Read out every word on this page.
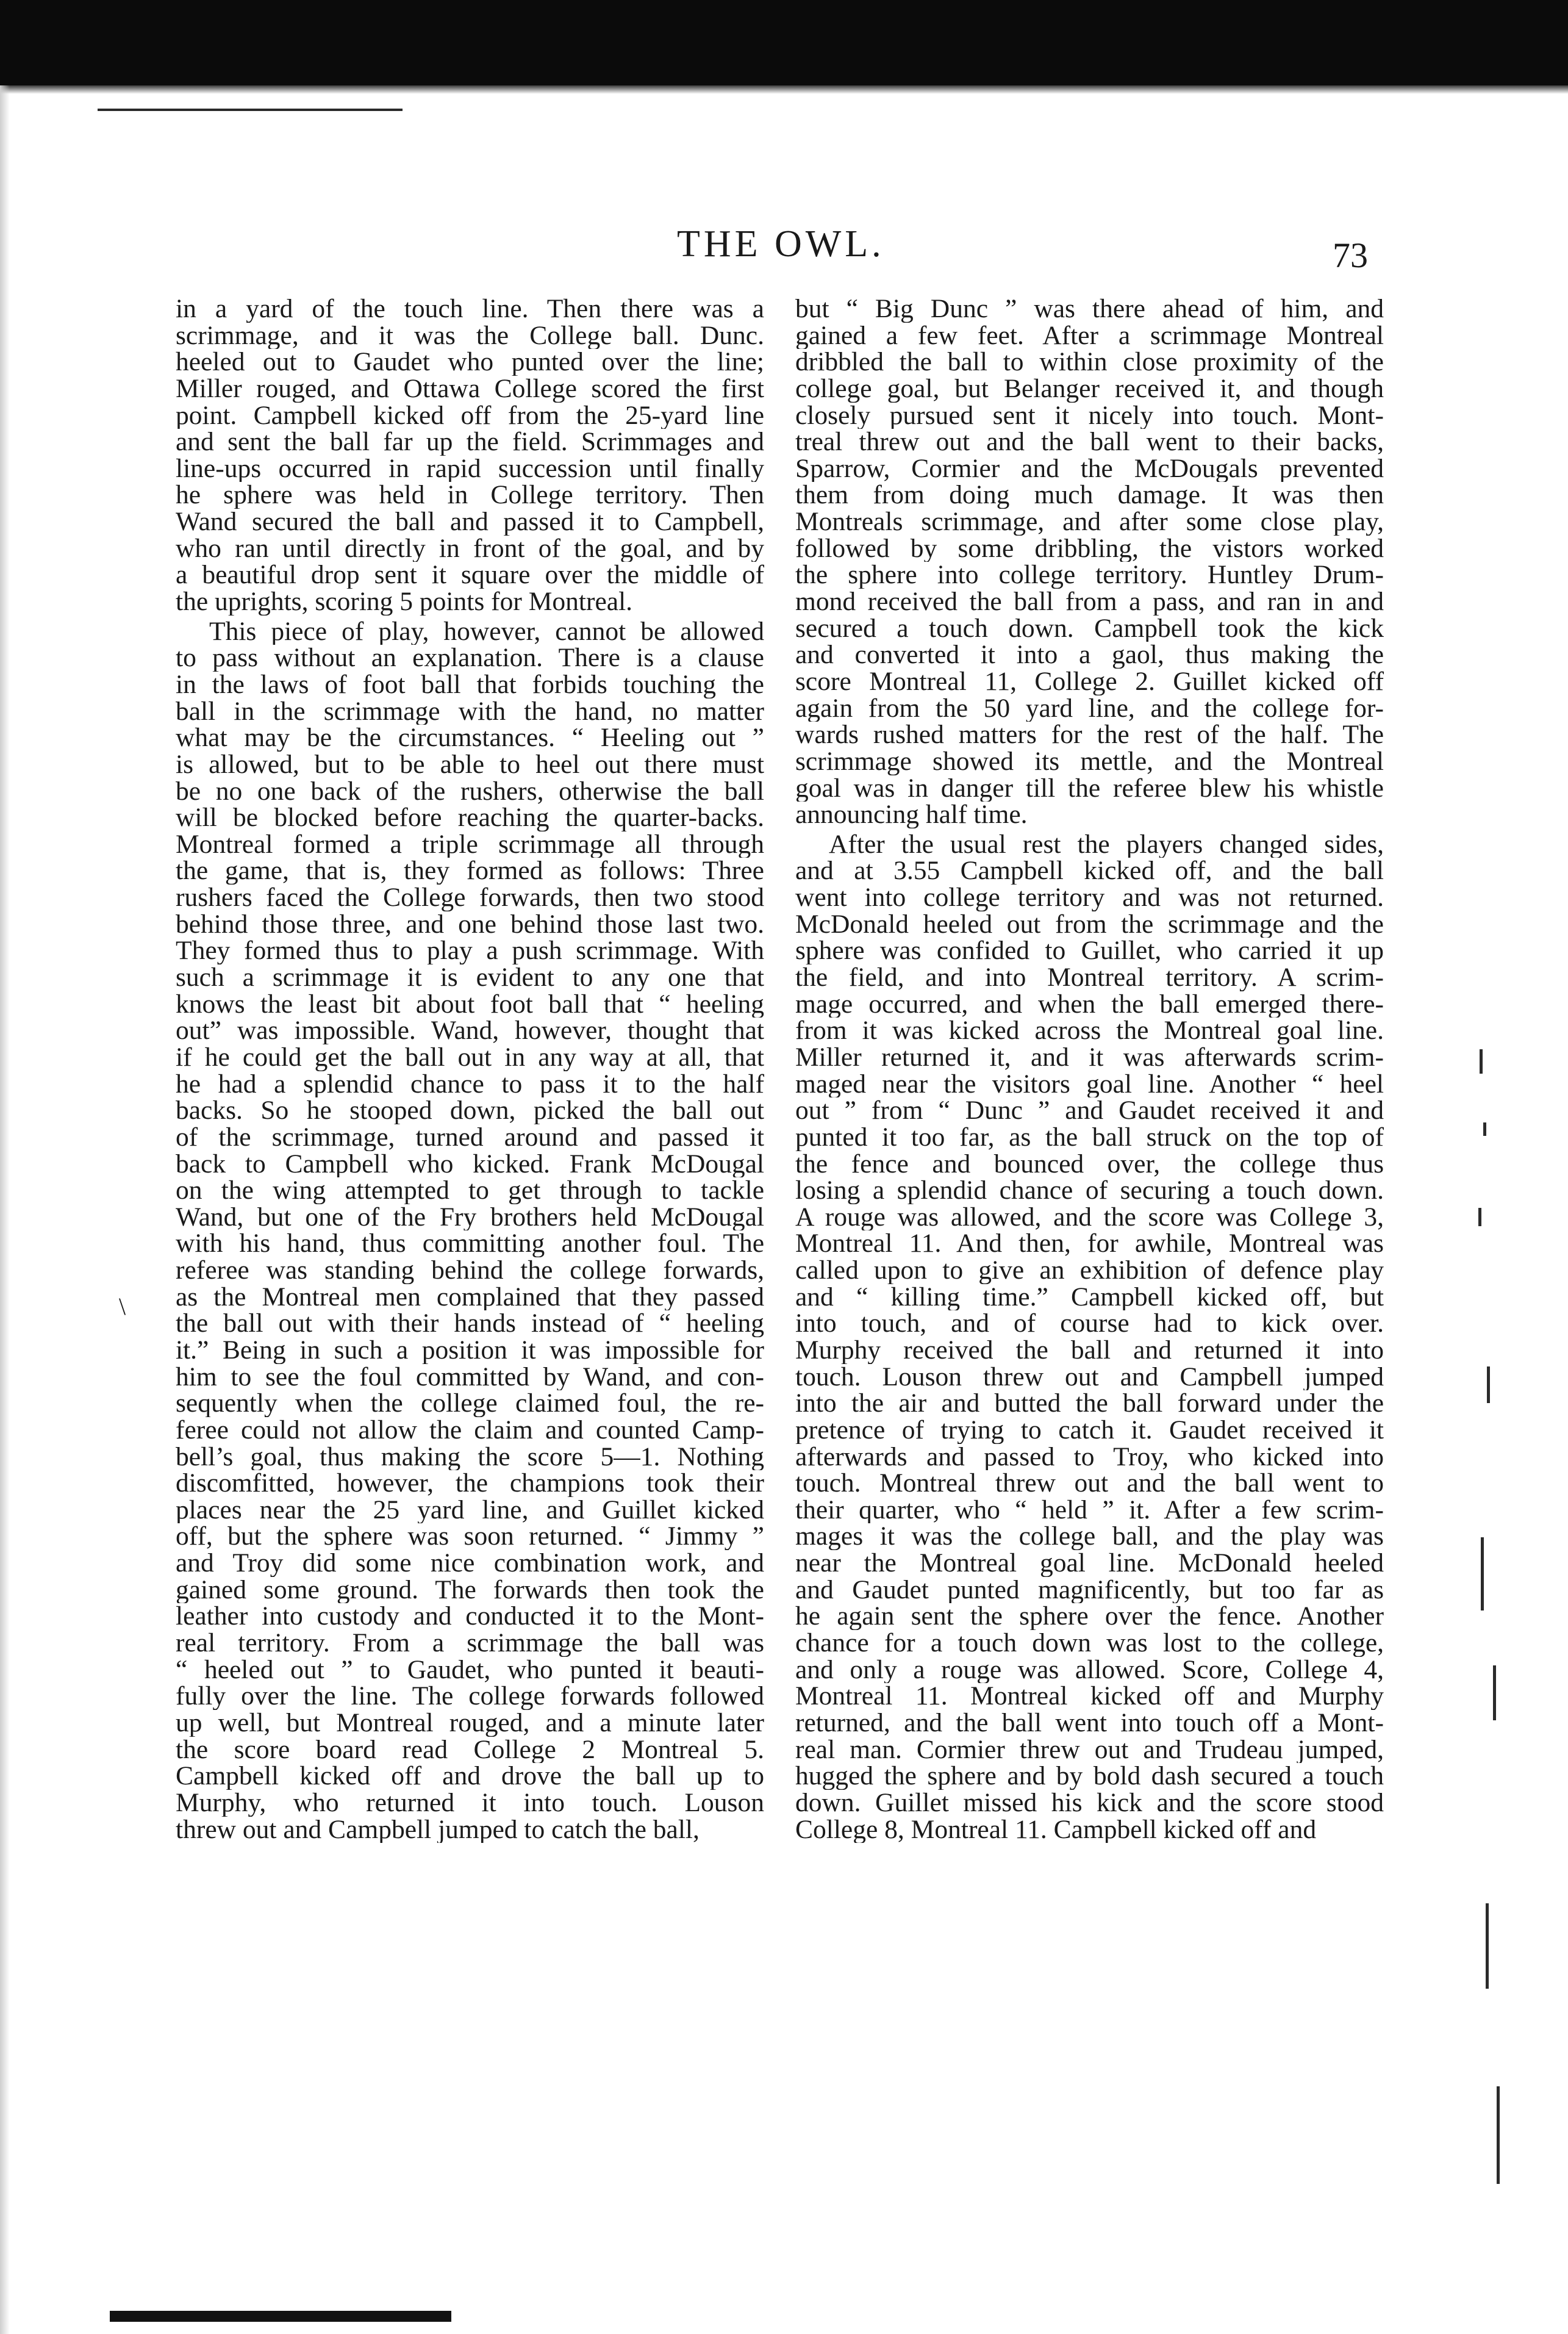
THE OWL.	73
in a yard of the touch line. Then there was a
scrimmage, and it was the College ball. Dunc.
heeled out to Gaudet who punted over the line;
Miller rouged, and Ottawa College scored the first
point. Campbell kicked off from the 25-yard line
and sent the ball far up the field. Scrimmages and
line-ups occurred in rapid succession until finally
he sphere was held in College territory. Then
Wand secured the ball and passed it to Campbell,
who ran until directly in front of the goal, and by
a beautiful drop sent it square over the middle of
the uprights, scoring 5 points for Montreal.
This piece of play, however, cannot be allowed
to pass without an explanation. There is a clause
in the laws of foot ball that forbids touching the
ball in the scrimmage with the hand, no matter
what may be the circumstances. “ Heeling out ”
is allowed, but to be able to heel out there must
be no one back of the rushers, otherwise the ball
will be blocked before reaching the quarter-backs.
Montreal formed a triple scrimmage all through
the game, that is, they formed as follows: Three
rushers faced the College forwards, then two stood
behind those three, and one behind those last two.
They formed thus to play a push scrimmage. With
such a scrimmage it is evident to any one that
knows the least bit about foot ball that “ heeling
out” was impossible. Wand, however, thought that
if he could get the ball out in any way at all, that
he had a splendid chance to pass it to the half
backs. So he stooped down, picked the ball out
of the scrimmage, turned around and passed it
back to Campbell who kicked. Frank McDougal
on the wing attempted to get through to tackle
Wand, but one of the Fry brothers held McDougal
with his hand, thus committing another foul. The
referee was standing behind the college forwards,
as the Montreal men complained that they passed
the ball out with their hands instead of “ heeling
it.” Being in such a position it was impossible for
him to see the foul committed by Wand, and con-
sequently when the college claimed foul, the re-
feree could not allow the claim and counted Camp-
bell’s goal, thus making the score 5—1. Nothing
discomfitted, however, the champions took their
places near the 25 yard line, and Guillet kicked
off, but the sphere was soon returned. “ Jimmy ”
and Troy did some nice combination work, and
gained some ground. The forwards then took the
leather into custody and conducted it to the Mont-
real territory. From a scrimmage the ball was
“ heeled out ” to Gaudet, who punted it beauti-
fully over the line. The college forwards followed
up well, but Montreal rouged, and a minute later
the score board read College 2 Montreal 5.
Campbell kicked off and drove the ball up to
Murphy, who returned it into touch. Louson
threw out and Campbell jumped to catch the ball,
but “ Big Dunc ” was there ahead of him, and
gained a few feet. After a scrimmage Montreal
dribbled the ball to within close proximity of the
college goal, but Belanger received it, and though
closely pursued sent it nicely into touch. Mont-
treal threw out and the ball went to their backs,
Sparrow, Cormier and the McDougals prevented
them from doing much damage. It was then
Montreals scrimmage, and after some close play,
followed by some dribbling, the vistors worked
the sphere into college territory. Huntley Drum-
mond received the ball from a pass, and ran in and
secured a touch down. Campbell took the kick
and converted it into a gaol, thus making the
score Montreal 11, College 2. Guillet kicked off
again from the 50 yard line, and the college for-
wards rushed matters for the rest of the half. The
scrimmage showed its mettle, and the Montreal
goal was in danger till the referee blew his whistle
announcing half time.
After the usual rest the players changed sides,
and at 3.55 Campbell kicked off, and the ball
went into college territory and was not returned.
McDonald heeled out from the scrimmage and the
sphere was confided to Guillet, who carried it up
the field, and into Montreal territory. A scrim-
mage occurred, and when the ball emerged there-
from it was kicked across the Montreal goal line.
Miller returned it, and it was afterwards scrim-
maged near the visitors goal line. Another “ heel
out ” from “ Dunc ” and Gaudet received it and
punted it too far, as the ball struck on the top of
the fence and bounced over, the college thus
losing a splendid chance of securing a touch down.
A rouge was allowed, and the score was College 3,
Montreal 11. And then, for awhile, Montreal was
called upon to give an exhibition of defence play
and “ killing time.” Campbell kicked off, but
into touch, and of course had to kick over.
Murphy received the ball and returned it into
touch. Louson threw out and Campbell jumped
into the air and butted the ball forward under the
pretence of trying to catch it. Gaudet received it
afterwards and passed to Troy, who kicked into
touch. Montreal threw out and the ball went to
their quarter, who “ held ” it. After a few scrim-
mages it was the college ball, and the play was
near the Montreal goal line. McDonald heeled
and Gaudet punted magnificently, but too far as
he again sent the sphere over the fence. Another
chance for a touch down was lost to the college,
and only a rouge was allowed. Score, College 4,
Montreal 11. Montreal kicked off and Murphy
returned, and the ball went into touch off a Mont-
real man. Cormier threw out and Trudeau jumped,
hugged the sphere and by bold dash secured a touch
down. Guillet missed his kick and the score stood
College 8, Montreal 11. Campbell kicked off and
\
